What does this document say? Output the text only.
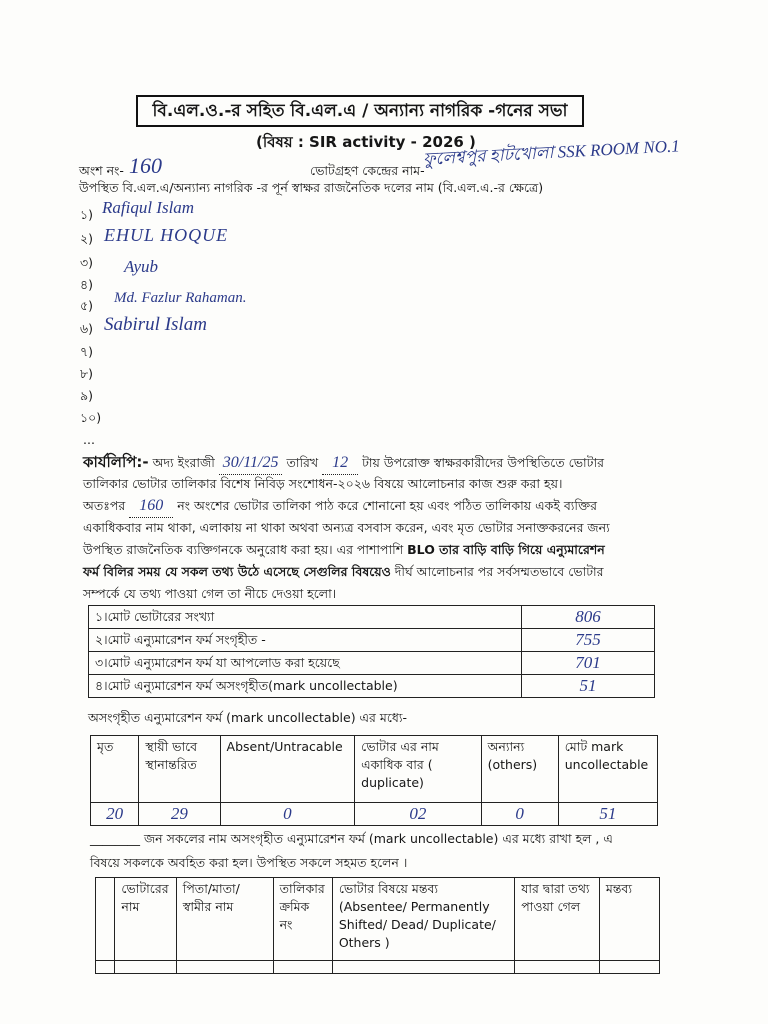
বি.এল.ও.-র সহিত বি.এল.এ / অন্যান্য নাগরিক -গনের সভা
(বিষয় : SIR activity - 2026 )
অংশ নং- 160	ভোটগ্রহণ কেন্দ্রের নাম-
ফুলেশ্বপুর হাটখোলা SSK ROOM NO.1
উপস্থিত বি.এল.এ/অন্যান্য নাগরিক -র পূর্ন স্বাক্ষর রাজনৈতিক দলের নাম (বি.এল.এ.-র ক্ষেত্রে)
১) Rafiqul Islam
২) EHUL HOQUE
৩) Ayub
৪)
৫) Md. Fazlur Rahaman.
৬) Sabirul Islam
৭)
৮)
৯)
১০)
...
কার্যলিপি:- অদ্য ইংরাজী 30/11/25 তারিখ 12 টায় উপরোক্ত স্বাক্ষরকারীদের উপস্থিতিতে ভোটার
তালিকার ভোটার তালিকার বিশেষ নিবিড় সংশোধন-২০২৬ বিষয়ে আলোচনার কাজ শুরু করা হয়।
অতঃপর 160 নং অংশের ভোটার তালিকা পাঠ করে শোনানো হয় এবং পঠিত তালিকায় একই ব্যক্তির
একাধিকবার নাম থাকা, এলাকায় না থাকা অথবা অন্যত্র বসবাস করেন, এবং মৃত ভোটার সনাক্তকরনের জন্য
উপস্থিত রাজনৈতিক ব্যক্তিগনকে অনুরোধ করা হয়। এর পাশাপাশি BLO তার বাড়ি বাড়ি গিয়ে এন্যুমারেশন
ফর্ম বিলির সময় যে সকল তথ্য উঠে এসেছে সেগুলির বিষয়েও দীর্ঘ আলোচনার পর সর্বসম্মতভাবে ভোটার
সম্পর্কে যে তথ্য পাওয়া গেল তা নীচে দেওয়া হলো।
১।মোট ভোটারের সংখ্যা	806
২।মোট এন্যুমারেশন ফর্ম সংগৃহীত -	755
৩।মোট এন্যুমারেশন ফর্ম যা আপলোড করা হয়েছে	701
৪।মোট এন্যুমারেশন ফর্ম অসংগৃহীত(mark uncollectable)	51
অসংগৃহীত এন্যুমারেশন ফর্ম (mark uncollectable) এর মধ্যে-
মৃত	স্থায়ী ভাবে স্থানান্তরিত	Absent/Untracable	ভোটার এর নাম একাধিক বার ( duplicate)	অন্যান্য (others)	মোট mark uncollectable
20	29	0	02	0	51
________ জন সকলের নাম অসংগৃহীত এন্যুমারেশন ফর্ম (mark uncollectable) এর মধ্যে রাখা হল , এ
বিষয়ে সকলকে অবহিত করা হল। উপস্থিত সকলে সহমত হলেন ।
	ভোটারের নাম	পিতা/মাতা/স্বামীর নাম	তালিকার ক্রমিক নং	ভোটার বিষয়ে মন্তব্য (Absentee/ Permanently Shifted/ Dead/ Duplicate/ Others )	যার দ্বারা তথ্য পাওয়া গেল	মন্তব্য
